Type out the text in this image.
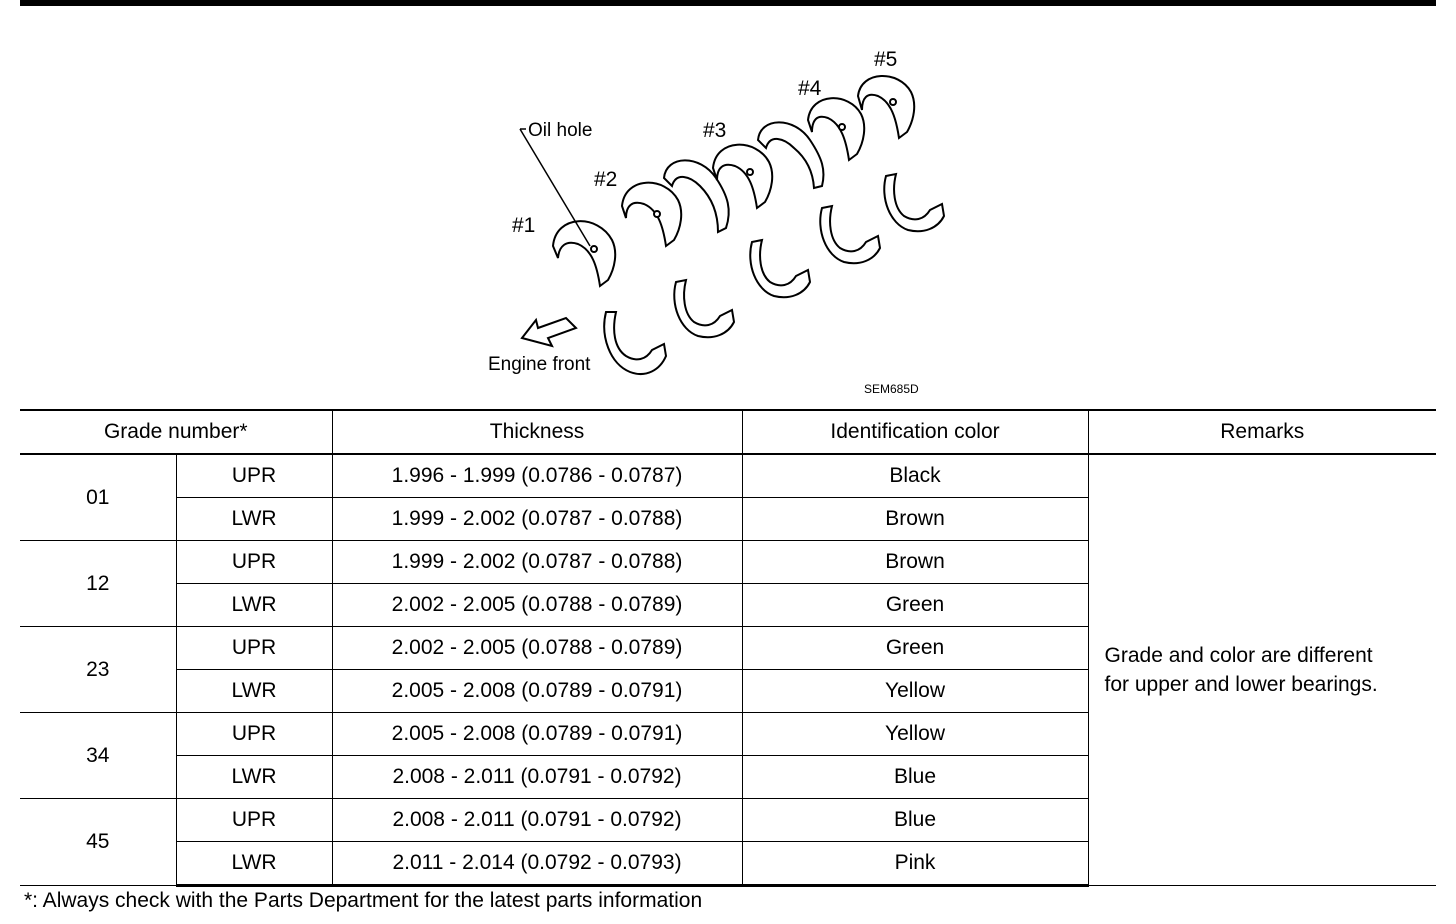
Oil hole
Engine front
#1
#2
#3
#4
#5
SEM685D
Grade number*		Thickness	Identification color	Remarks
01	UPR	1.996 - 1.999 (0.0786 - 0.0787)	Black	Grade and color are different
for upper and lower bearings.
	LWR	1.999 - 2.002 (0.0787 - 0.0788)	Brown	
12	UPR	1.999 - 2.002 (0.0787 - 0.0788)	Brown	
	LWR	2.002 - 2.005 (0.0788 - 0.0789)	Green	
23	UPR	2.002 - 2.005 (0.0788 - 0.0789)	Green	
	LWR	2.005 - 2.008 (0.0789 - 0.0791)	Yellow	
34	UPR	2.005 - 2.008 (0.0789 - 0.0791)	Yellow	
	LWR	2.008 - 2.011 (0.0791 - 0.0792)	Blue	
45	UPR	2.008 - 2.011 (0.0791 - 0.0792)	Blue	
	LWR	2.011 - 2.014 (0.0792 - 0.0793)	Pink	
*: Always check with the Parts Department for the latest parts information
